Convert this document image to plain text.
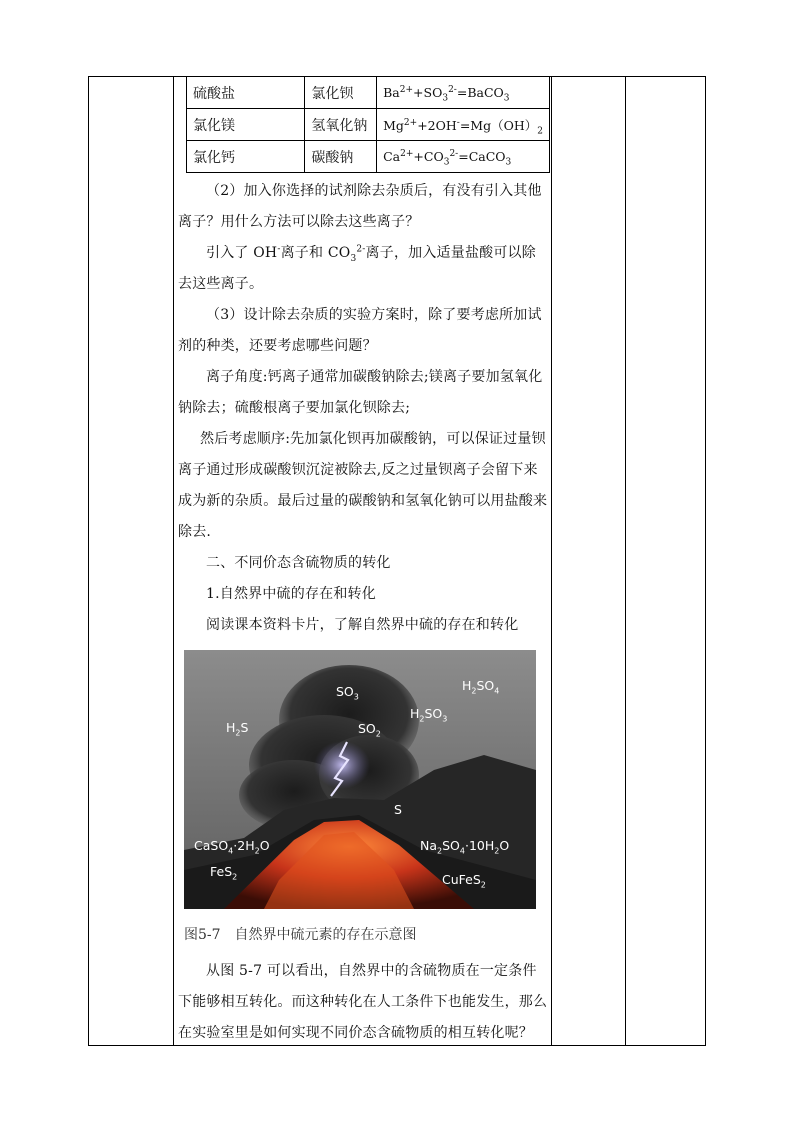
硫酸盐	氯化钡	$Ba^{2+}+SO_3^{2-}=BaCO_3$
氯化镁	氢氧化钠	$Mg^{2+}+2OH^-=Mg(OH)_2$
氯化钙	碳酸钠	$Ca^{2+}+CO_3^{2-}=CaCO_3$

（2）加入你选择的试剂除去杂质后，有没有引入其他离子？用什么方法可以除去这些离子？

引入了 OH-离子和 $CO_3^{2-}$离子，加入适量盐酸可以除去这些离子。

（3）设计除去杂质的实验方案时，除了要考虑所加试剂的种类，还要考虑哪些问题？

离子角度:钙离子通常加碳酸钠除去;镁离子要加氢氧化钠除去；硫酸根离子要加氯化钡除去;

然后考虑顺序:先加氯化钡再加碳酸钠，可以保证过量钡离子通过形成碳酸钡沉淀被除去,反之过量钡离子会留下来成为新的杂质。最后过量的碳酸钠和氢氧化钠可以用盐酸来除去.

二、不同价态含硫物质的转化

1.自然界中硫的存在和转化

阅读课本资料卡片，了解自然界中硫的存在和转化

$SO_3$
$H_2SO_4$
$H_2SO_3$
$SO_2$
$H_2S$
S
$CaSO_4\cdot 2H_2O$	$Na_2SO_4\cdot 10H_2O$
FeS$_2$	CuFeS$_2$
图5-7　自然界中硫元素的存在示意图

从图 5-7 可以看出，自然界中的含硫物质在一定条件下能够相互转化。而这种转化在人工条件下也能发生，那么在实验室里是如何实现不同价态含硫物质的相互转化呢？
